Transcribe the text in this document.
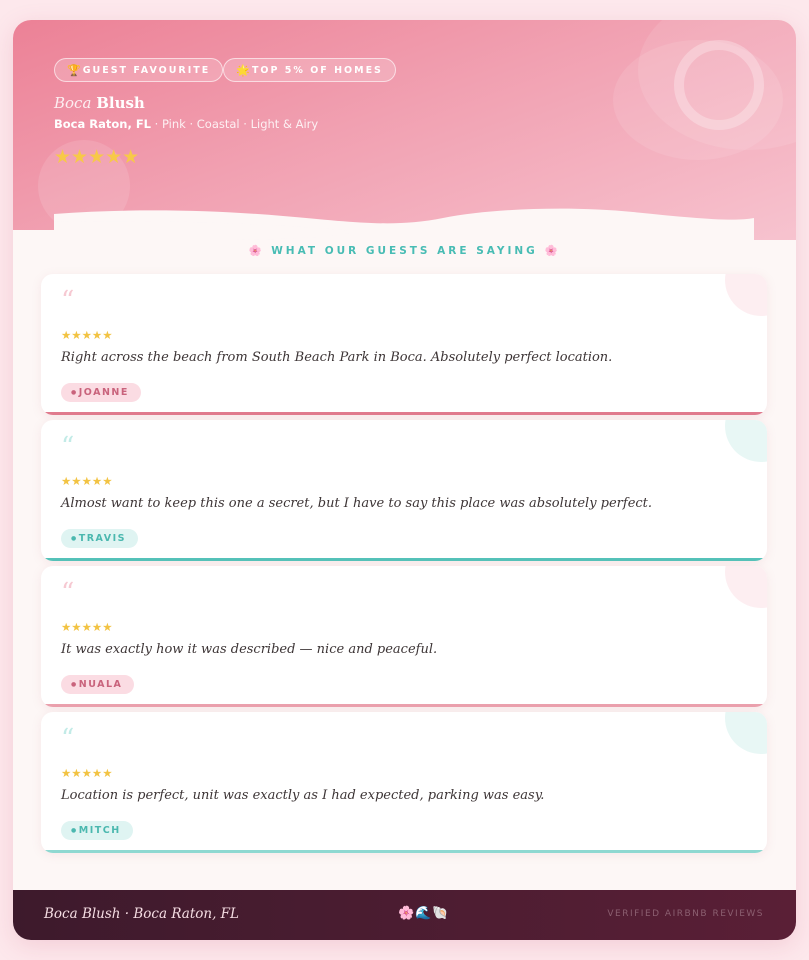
🏆 GUEST FAVOURITE 🌟 TOP 5% OF HOMES
Boca Blush
Boca Raton, FL · Pink · Coastal · Light & Airy
★★★★★
🌸 WHAT OUR GUESTS ARE SAYING 🌸
“
★★★★★
Right across the beach from South Beach Park in Boca. Absolutely perfect location.
● JOANNE
“
★★★★★
Almost want to keep this one a secret, but I have to say this place was absolutely perfect.
● TRAVIS
“
★★★★★
It was exactly how it was described — nice and peaceful.
● NUALA
“
★★★★★
Location is perfect, unit was exactly as I had expected, parking was easy.
● MITCH
Boca Blush · Boca Raton, FL	🌸🌊🐚	VERIFIED AIRBNB REVIEWS
